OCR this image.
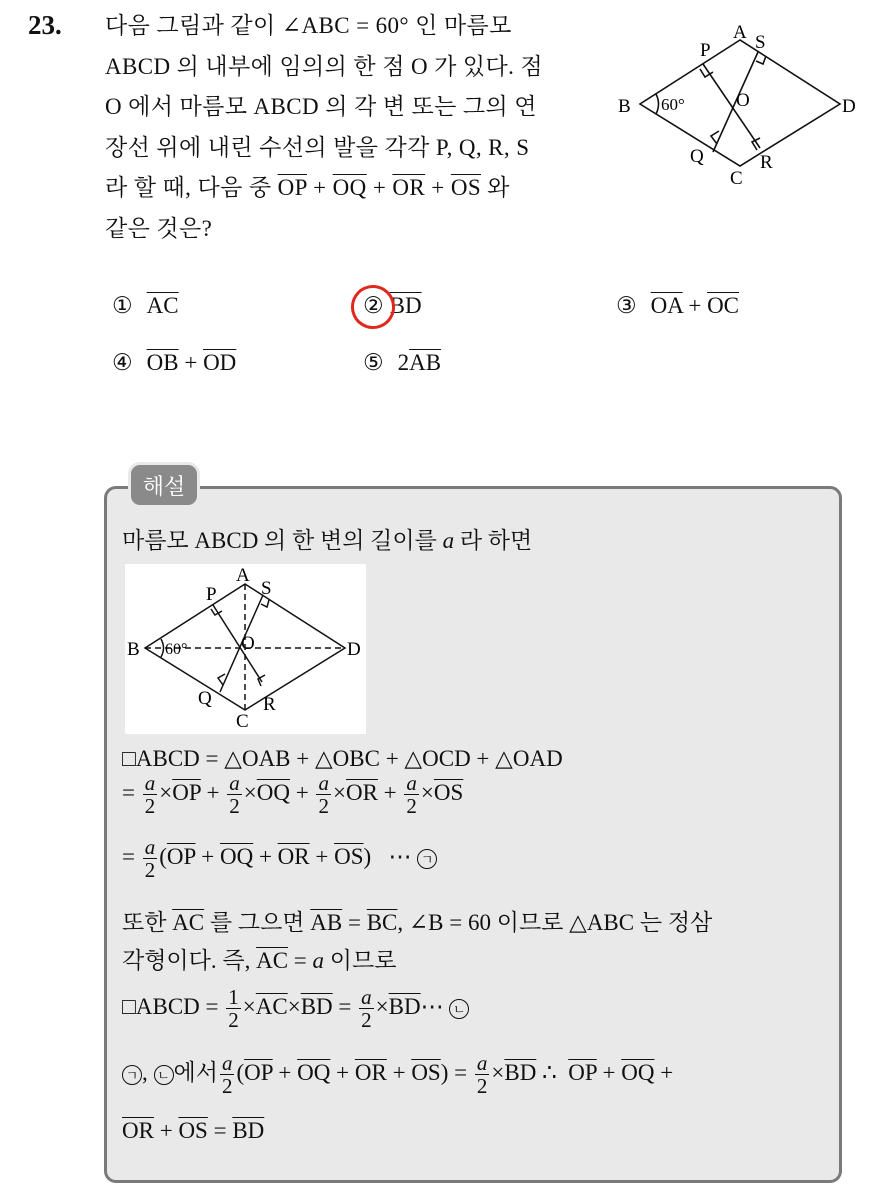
23. 다음 그림과 같이 ∠ABC = 60° 인 마름모
ABCD 의 내부에 임의의 한 점 O 가 있다. 점
O 에서 마름모 ABCD 의 각 변 또는 그의 연
장선 위에 내린 수선의 발을 각각 P, Q, R, S
라 할 때, 다음 중 $\overline{OP} + \overline{OQ} + \overline{OR} + \overline{OS}$ 와
같은 것은?
A
B
C
D
O
P
Q	R
S
60°
① $\overline{AC}$	② $\overline{BD}$	③ $\overline{OA} + \overline{OC}$
④ $\overline{OB} + \overline{OD}$	⑤ $2\overline{AB}$
해설
마름모 ABCD 의 한 변의 길이를 a 라 하면
A
B
C
D
O
P
Q	R
S
60°
□ABCD = △OAB + △OBC + △OCD + △OAD
= $\frac{a}{2} \times\overline{OP} + \frac{a}{2} \times\overline{OQ} + \frac{a}{2} \times\overline{OR} + \frac{a}{2} \times\overline{OS}$
= $\frac{a}{2} (\overline{OP} + \overline{OQ} + \overline{OR} + \overline{OS})$ ⋯ ㄱ
또한 $\overline{AC}$ 를 그으면 $\overline{AB} = \overline{BC}$, ∠B = 60 이므로 △ABC 는 정삼
각형이다. 즉, $\overline{AC} = a$ 이므로
□ABCD = $\frac{1}{2} \times\overline{AC}\times\overline{BD} = \frac{a}{2}$ $\times\overline{BD}\cdots$ ㄴ
ㄱ , ㄴ 에서 $\frac{a}{2} (\overline{OP} + \overline{OQ} + \overline{OR} + \overline{OS}) = \frac{a}{2} \times\overline{BD}$ ∴ $\overline{OP} + \overline{OQ}$ +
$\overline{OR} + \overline{OS} = \overline{BD}$
